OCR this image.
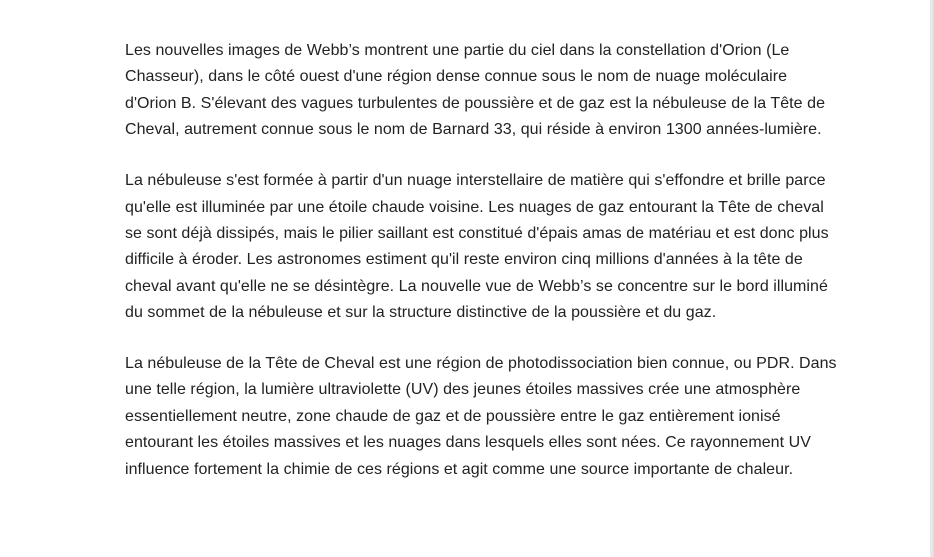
Les nouvelles images de Webb’s montrent une partie du ciel dans la constellation d'Orion (Le Chasseur), dans le côté ouest d'une région dense connue sous le nom de nuage moléculaire d'Orion B. S'élevant des vagues turbulentes de poussière et de gaz est la nébuleuse de la Tête de Cheval, autrement connue sous le nom de Barnard 33, qui réside à environ 1300 années-lumière.

La nébuleuse s'est formée à partir d'un nuage interstellaire de matière qui s'effondre et brille parce qu'elle est illuminée par une étoile chaude voisine. Les nuages de gaz entourant la Tête de cheval se sont déjà dissipés, mais le pilier saillant est constitué d'épais amas de matériau et est donc plus difficile à éroder. Les astronomes estiment qu'il reste environ cinq millions d'années à la tête de cheval avant qu'elle ne se désintègre. La nouvelle vue de Webb’s se concentre sur le bord illuminé du sommet de la nébuleuse et sur la structure distinctive de la poussière et du gaz.

La nébuleuse de la Tête de Cheval est une région de photodissociation bien connue, ou PDR. Dans une telle région, la lumière ultraviolette (UV) des jeunes étoiles massives crée une atmosphère essentiellement neutre, zone chaude de gaz et de poussière entre le gaz entièrement ionisé entourant les étoiles massives et les nuages dans lesquels elles sont nées. Ce rayonnement UV influence fortement la chimie de ces régions et agit comme une source importante de chaleur.
